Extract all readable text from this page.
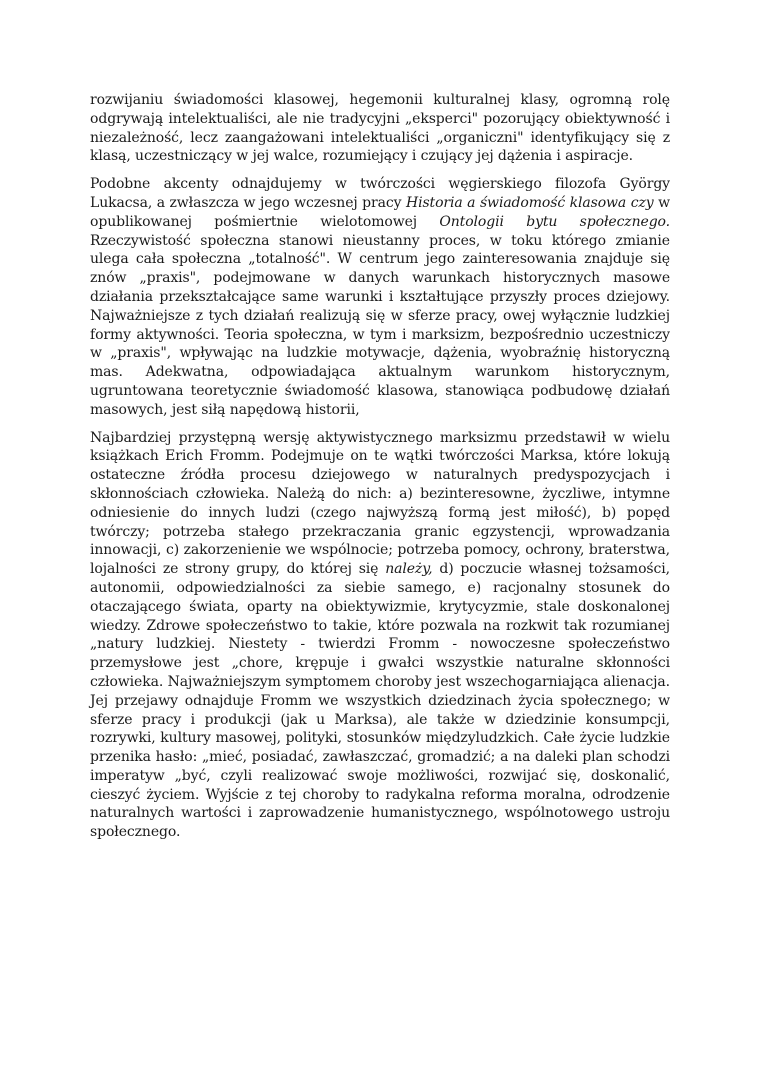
rozwijaniu świadomości klasowej, hegemonii kulturalnej klasy, ogromną rolę odgrywają intelektualiści, ale nie tradycyjni „eksperci" pozorujący obiektywność i niezależność, lecz zaangażowani intelektualiści „organiczni" identyfikujący się z klasą, uczestniczący w jej walce, rozumiejący i czujący jej dążenia i aspiracje.

Podobne akcenty odnajdujemy w twórczości węgierskiego filozofa György Lukacsa, a zwłaszcza w jego wczesnej pracy Historia a świadomość klasowa czy w opublikowanej pośmiertnie wielotomowej Ontologii bytu społecznego. Rzeczywistość społeczna stanowi nieustanny proces, w toku którego zmianie ulega cała społeczna „totalność". W centrum jego zainteresowania znajduje się znów „praxis", podejmowane w danych warunkach historycznych masowe działania przekształcające same warunki i kształtujące przyszły proces dziejowy. Najważniejsze z tych działań realizują się w sferze pracy, owej wyłącznie ludzkiej formy aktywności. Teoria społeczna, w tym i marksizm, bezpośrednio uczestniczy w „praxis", wpływając na ludzkie motywacje, dążenia, wyobraźnię historyczną mas. Adekwatna, odpowiadająca aktualnym warunkom historycznym, ugruntowana teoretycznie świadomość klasowa, stanowiąca podbudowę działań masowych, jest siłą napędową historii,

Najbardziej przystępną wersję aktywistycznego marksizmu przedstawił w wielu książkach Erich Fromm. Podejmuje on te wątki twórczości Marksa, które lokują ostateczne źródła procesu dziejowego w naturalnych predyspozycjach i skłonnościach człowieka. Należą do nich: a) bezinteresowne, życzliwe, intymne odniesienie do innych ludzi (czego najwyższą formą jest miłość), b) popęd twórczy; potrzeba stałego przekraczania granic egzystencji, wprowadzania innowacji, c) zakorzenienie we wspólnocie; potrzeba pomocy, ochrony, braterstwa, lojalności ze strony grupy, do której się należy, d) poczucie własnej tożsamości, autonomii, odpowiedzialności za siebie samego, e) racjonalny stosunek do otaczającego świata, oparty na obiektywizmie, krytycyzmie, stale doskonalonej wiedzy. Zdrowe społeczeństwo to takie, które pozwala na rozkwit tak rozumianej „natury ludzkiej. Niestety - twierdzi Fromm - nowoczesne społeczeństwo przemysłowe jest „chore, krępuje i gwałci wszystkie naturalne skłonności człowieka. Najważniejszym symptomem choroby jest wszechogarniająca alienacja. Jej przejawy odnajduje Fromm we wszystkich dziedzinach życia społecznego; w sferze pracy i produkcji (jak u Marksa), ale także w dziedzinie konsumpcji, rozrywki, kultury masowej, polityki, stosunków międzyludzkich. Całe życie ludzkie przenika hasło: „mieć, posiadać, zawłaszczać, gromadzić; a na daleki plan schodzi imperatyw „być, czyli realizować swoje możliwości, rozwijać się, doskonalić, cieszyć życiem. Wyjście z tej choroby to radykalna reforma moralna, odrodzenie naturalnych wartości i zaprowadzenie humanistycznego, wspólnotowego ustroju społecznego.
